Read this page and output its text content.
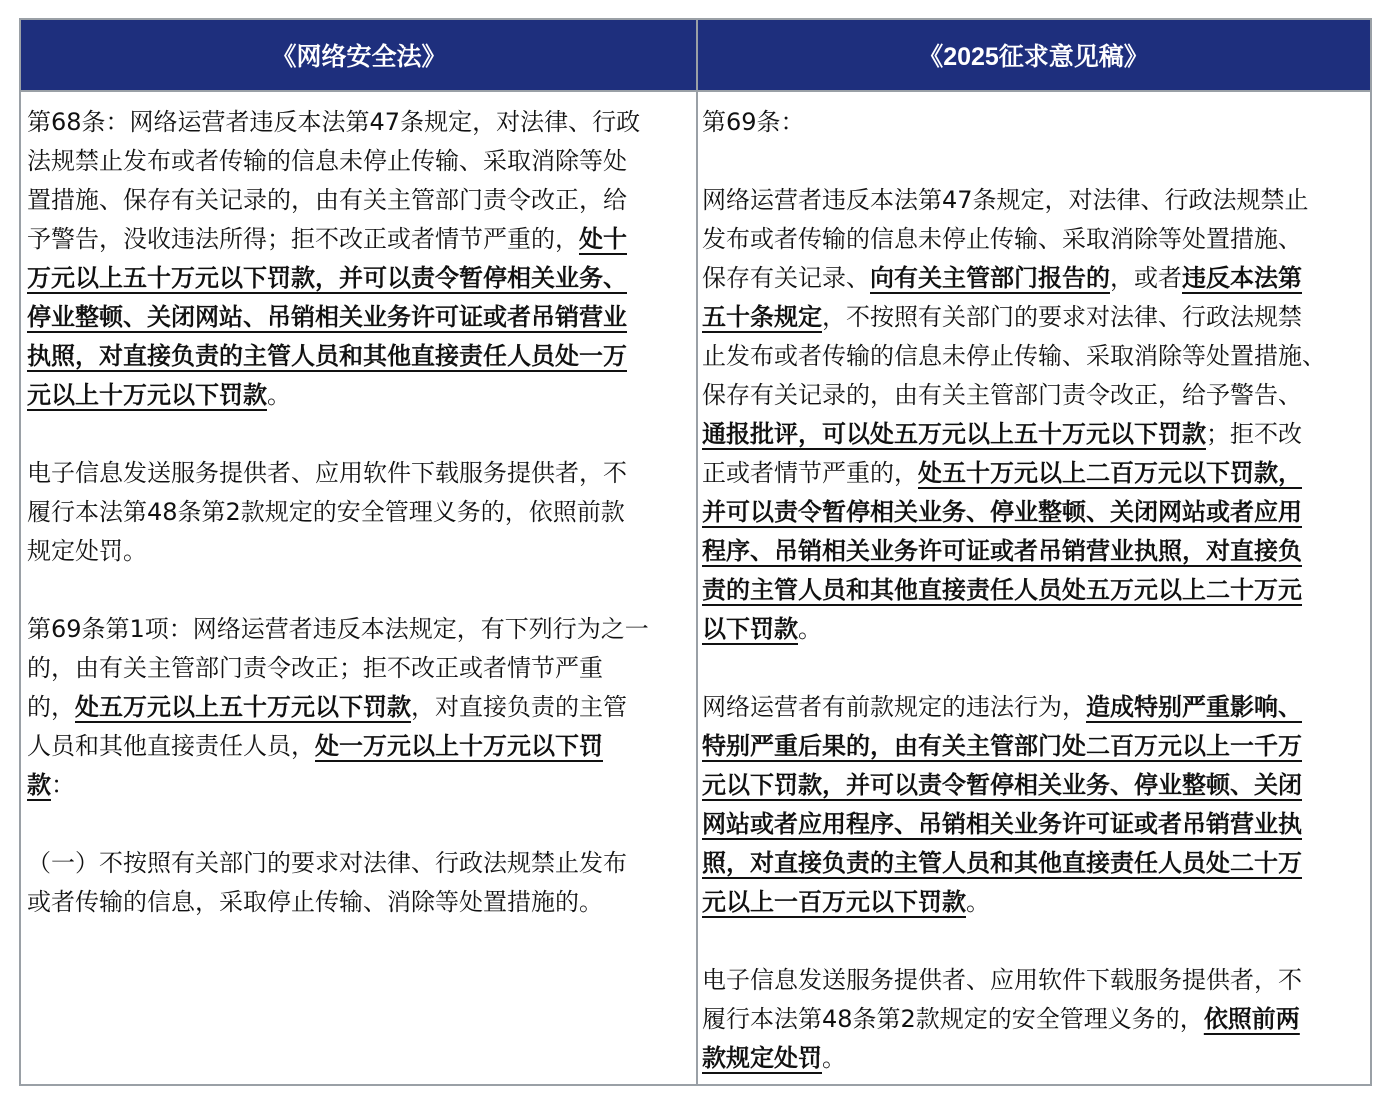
《网络安全法》	《2025征求意见稿》

第68条：网络运营者违反本法第47条规定，对法律、行政

法规禁止发布或者传输的信息未停止传输、采取消除等处

置措施、保存有关记录的，由有关主管部门责令改正，给

予警告，没收违法所得；拒不改正或者情节严重的，处十

万元以上五十万元以下罚款，并可以责令暂停相关业务、

停业整顿、关闭网站、吊销相关业务许可证或者吊销营业

执照，对直接负责的主管人员和其他直接责任人员处一万

元以上十万元以下罚款。

电子信息发送服务提供者、应用软件下载服务提供者，不

履行本法第48条第2款规定的安全管理义务的，依照前款

规定处罚。

第69条第1项：网络运营者违反本法规定，有下列行为之一

的，由有关主管部门责令改正；拒不改正或者情节严重

的，处五万元以上五十万元以下罚款，对直接负责的主管

人员和其他直接责任人员，处一万元以上十万元以下罚

款：

（一）不按照有关部门的要求对法律、行政法规禁止发布

或者传输的信息，采取停止传输、消除等处置措施的。

第69条：

网络运营者违反本法第47条规定，对法律、行政法规禁止

发布或者传输的信息未停止传输、采取消除等处置措施、

保存有关记录、向有关主管部门报告的，或者违反本法第

五十条规定，不按照有关部门的要求对法律、行政法规禁

止发布或者传输的信息未停止传输、采取消除等处置措施、

保存有关记录的，由有关主管部门责令改正，给予警告、

通报批评，可以处五万元以上五十万元以下罚款；拒不改

正或者情节严重的，处五十万元以上二百万元以下罚款，

并可以责令暂停相关业务、停业整顿、关闭网站或者应用

程序、吊销相关业务许可证或者吊销营业执照，对直接负

责的主管人员和其他直接责任人员处五万元以上二十万元

以下罚款。

网络运营者有前款规定的违法行为，造成特别严重影响、

特别严重后果的，由有关主管部门处二百万元以上一千万

元以下罚款，并可以责令暂停相关业务、停业整顿、关闭

网站或者应用程序、吊销相关业务许可证或者吊销营业执

照，对直接负责的主管人员和其他直接责任人员处二十万

元以上一百万元以下罚款。

电子信息发送服务提供者、应用软件下载服务提供者，不

履行本法第48条第2款规定的安全管理义务的，依照前两

款规定处罚。
